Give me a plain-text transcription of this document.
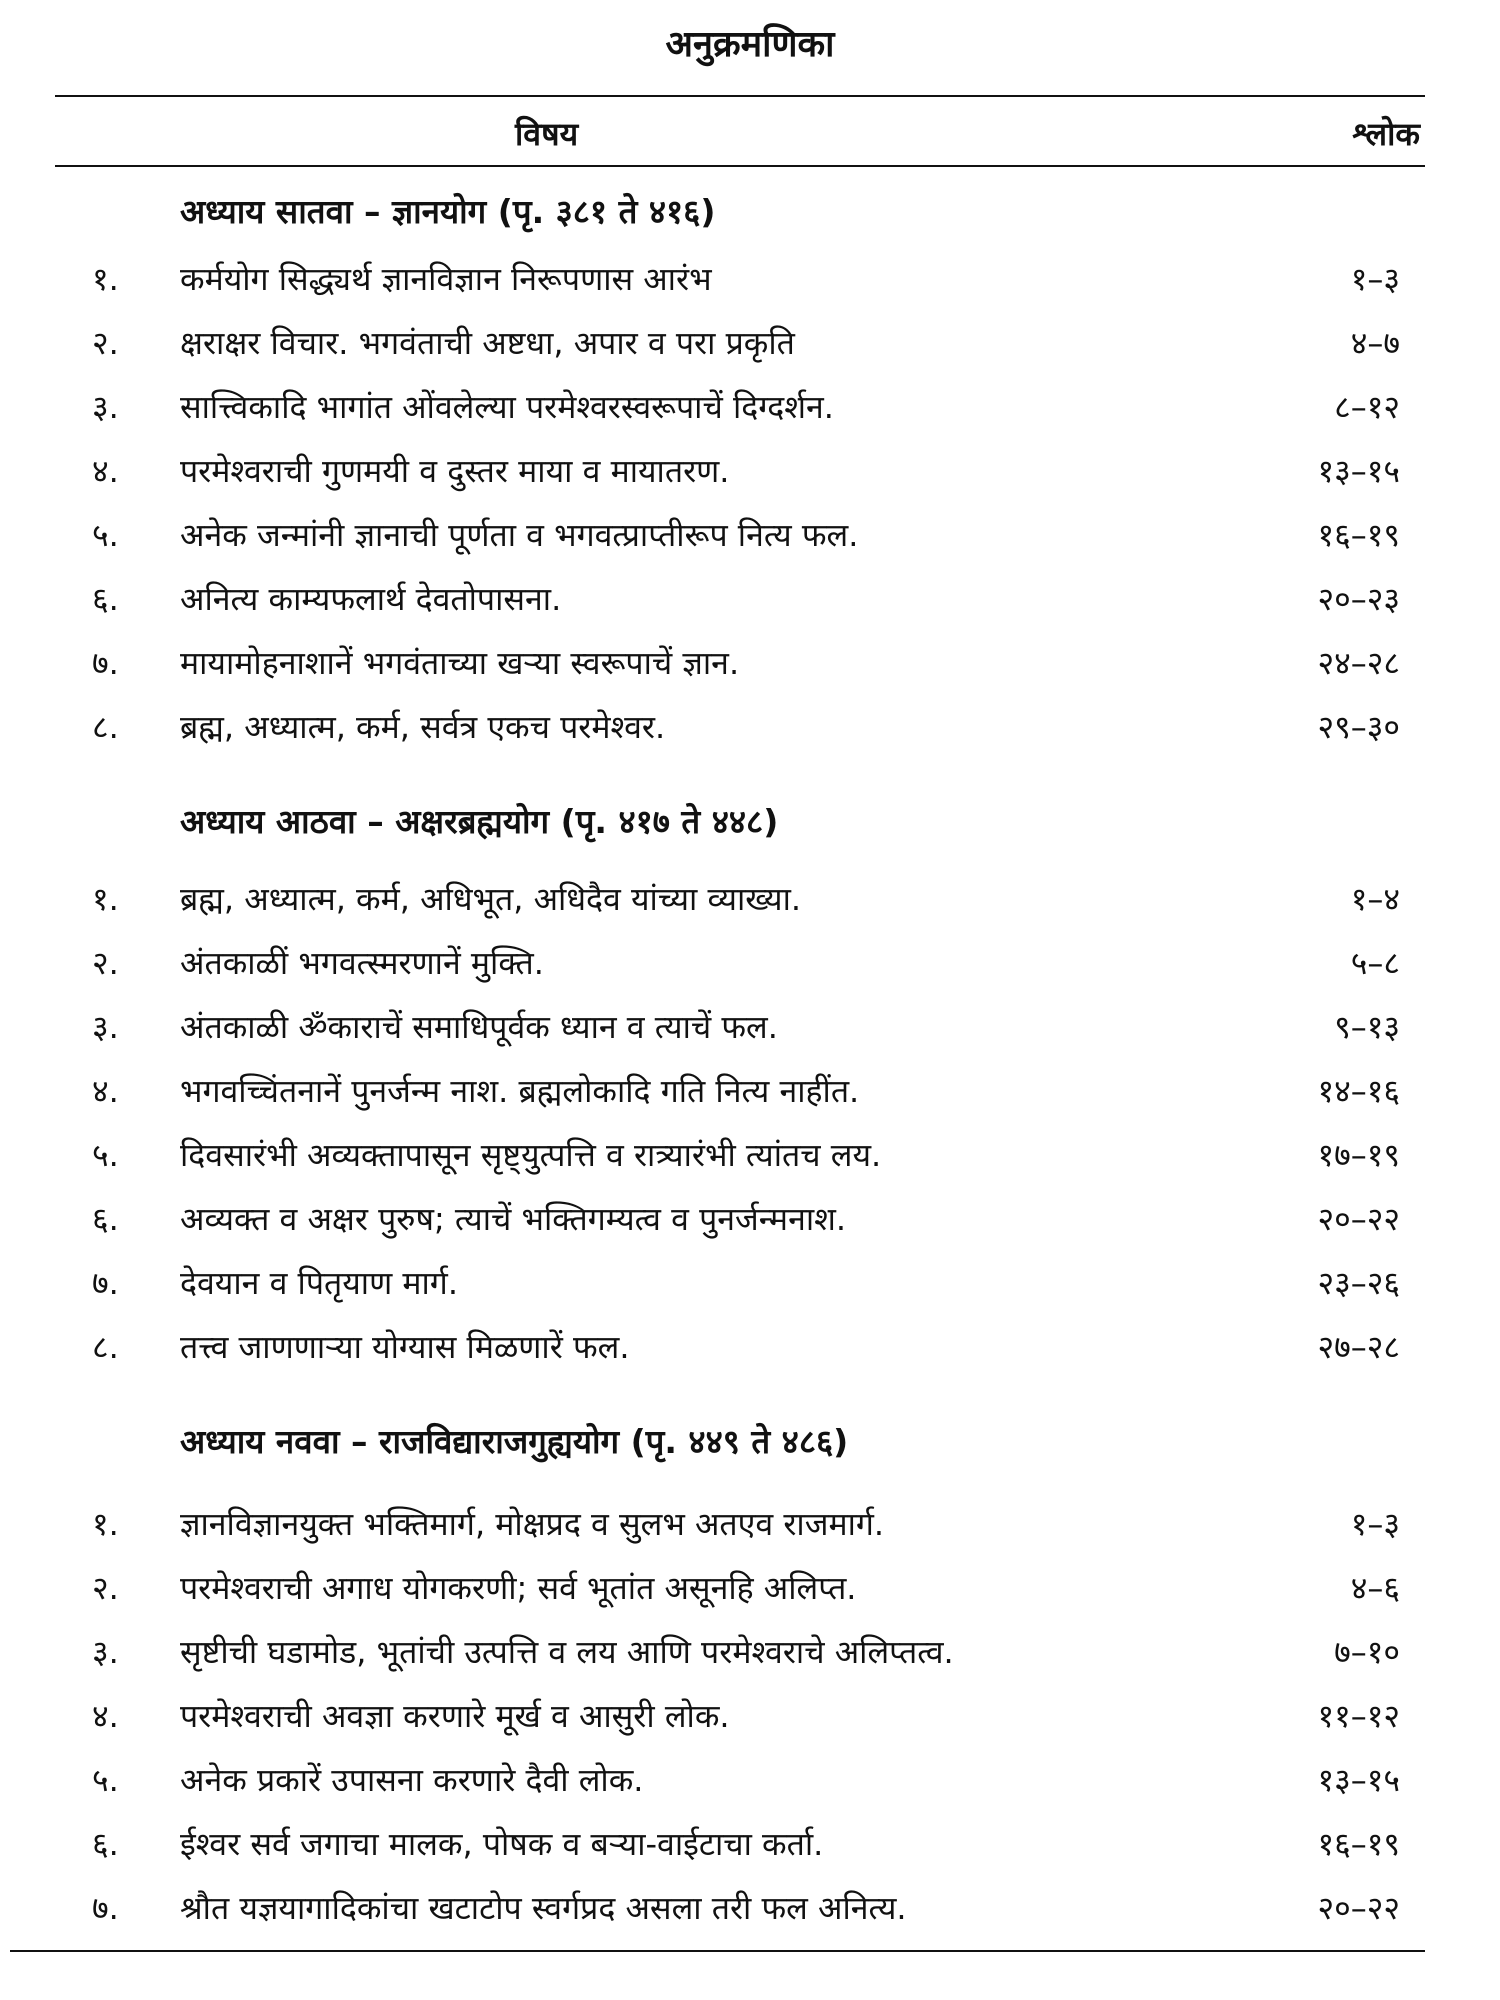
अनुक्रमणिका
विषय	श्लोक
अध्याय सातवा – ज्ञानयोग (पृ. ३८१ ते ४१६)
१. कर्मयोग सिद्ध्यर्थ ज्ञानविज्ञान निरूपणास आरंभ	१–३
२. क्षराक्षर विचार. भगवंताची अष्टधा, अपार व परा प्रकृति	४–७
३. सात्त्विकादि भागांत ओंवलेल्या परमेश्वरस्वरूपाचें दिग्दर्शन.	८–१२
४. परमेश्वराची गुणमयी व दुस्तर माया व मायातरण.	१३–१५
५. अनेक जन्मांनी ज्ञानाची पूर्णता व भगवत्प्राप्तीरूप नित्य फल.	१६–१९
६. अनित्य काम्यफलार्थ देवतोपासना.	२०–२३
७. मायामोहनाशानें भगवंताच्या खऱ्या स्वरूपाचें ज्ञान.	२४–२८
८. ब्रह्म, अध्यात्म, कर्म, सर्वत्र एकच परमेश्वर.	२९–३०
अध्याय आठवा – अक्षरब्रह्मयोग (पृ. ४१७ ते ४४८)
१. ब्रह्म, अध्यात्म, कर्म, अधिभूत, अधिदैव यांच्या व्याख्या.	१–४
२. अंतकाळीं भगवत्स्मरणानें मुक्ति.	५–८
३. अंतकाळी ॐकाराचें समाधिपूर्वक ध्यान व त्याचें फल.	९–१३
४. भगवच्चिंतनानें पुनर्जन्म नाश. ब्रह्मलोकादि गति नित्य नाहींत.	१४–१६
५. दिवसारंभी अव्यक्तापासून सृष्ट्युत्पत्ति व रात्र्यारंभी त्यांतच लय.	१७–१९
६. अव्यक्त व अक्षर पुरुष; त्याचें भक्तिगम्यत्व व पुनर्जन्मनाश.	२०–२२
७. देवयान व पितृयाण मार्ग.	२३–२६
८. तत्त्व जाणणाऱ्या योग्यास मिळणारें फल.	२७–२८
अध्याय नववा – राजविद्याराजगुह्ययोग (पृ. ४४९ ते ४८६)
१. ज्ञानविज्ञानयुक्त भक्तिमार्ग, मोक्षप्रद व सुलभ अतएव राजमार्ग.	१–३
२. परमेश्वराची अगाध योगकरणी; सर्व भूतांत असूनहि अलिप्त.	४–६
३. सृष्टीची घडामोड, भूतांची उत्पत्ति व लय आणि परमेश्वराचे अलिप्तत्व.	७–१०
४. परमेश्वराची अवज्ञा करणारे मूर्ख व आसुरी लोक.	११–१२
५. अनेक प्रकारें उपासना करणारे दैवी लोक.	१३–१५
६. ईश्वर सर्व जगाचा मालक, पोषक व बऱ्या-वाईटाचा कर्ता.	१६–१९
७. श्रौत यज्ञयागादिकांचा खटाटोप स्वर्गप्रद असला तरी फल अनित्य.	२०–२२
